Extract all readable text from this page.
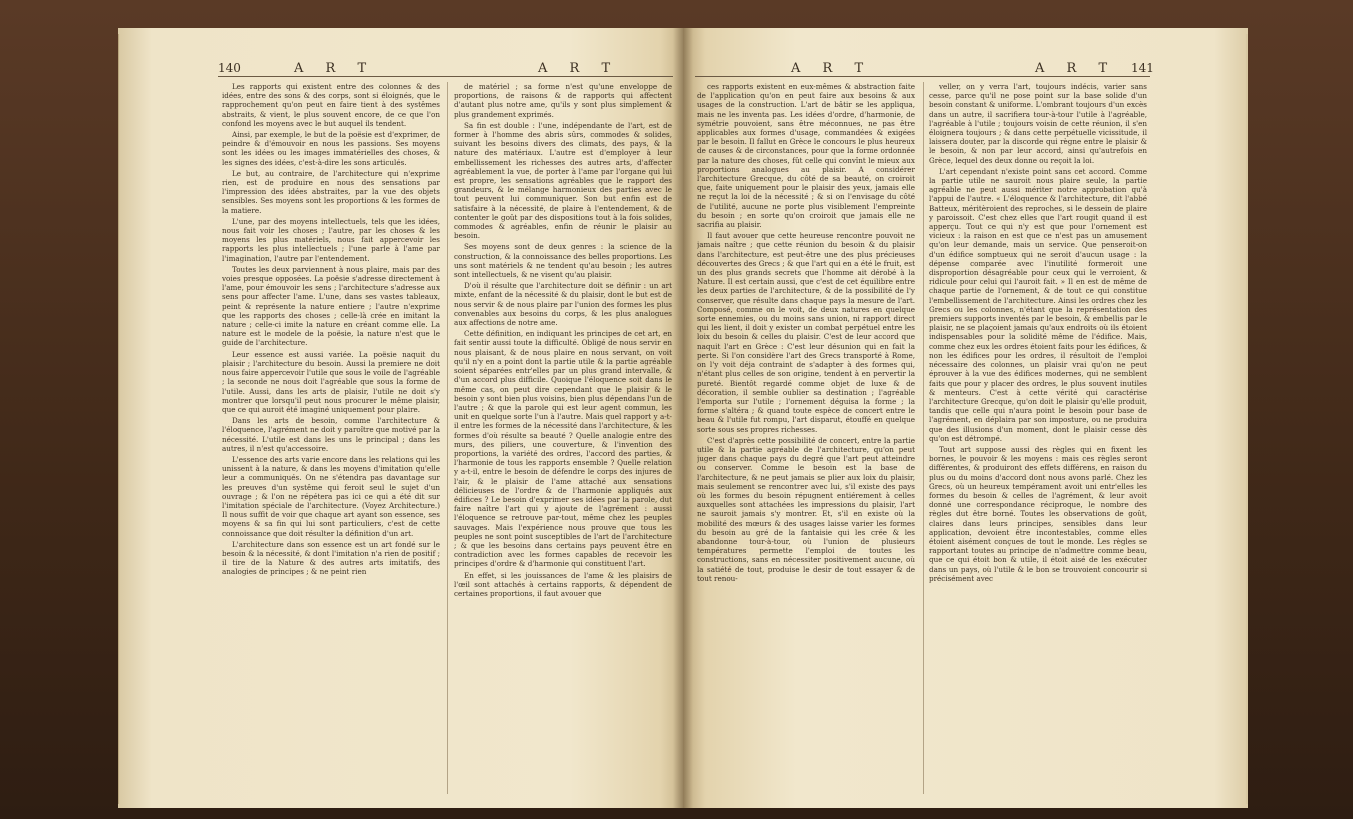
140	A R T	A R T

Les rapports qui existent entre des colonnes & des idées, entre des sons & des corps, sont si éloignés, que le rapprochement qu'on peut en faire tient à des systêmes abstraits, & vient, le plus souvent encore, de ce que l'on confond les moyens avec le but auquel ils tendent.

Ainsi, par exemple, le but de la poësie est d'exprimer, de peindre & d'émouvoir en nous les passions. Ses moyens sont les idées ou les images immatérielles des choses, & les signes des idées, c'est-à-dire les sons articulés.

Le but, au contraire, de l'architecture qui n'exprime rien, est de produire en nous des sensations par l'impression des idées abstraites, par la vue des objets sensibles. Ses moyens sont les proportions & les formes de la matiere.

L'une, par des moyens intellectuels, tels que les idées, nous fait voir les choses ; l'autre, par les choses & les moyens les plus matériels, nous fait appercevoir les rapports les plus intellectuels ; l'une parle à l'ame par l'imagination, l'autre par l'entendement.

Toutes les deux parviennent à nous plaire, mais par des voies presque opposées. La poësie s'adresse directement à l'ame, pour émouvoir les sens ; l'architecture s'adresse aux sens pour affecter l'ame. L'une, dans ses vastes tableaux, peint & représente la nature entiere ; l'autre n'exprime que les rapports des choses ; celle-là crée en imitant la nature ; celle-ci imite la nature en créant comme elle. La nature est le modele de la poësie, la nature n'est que le guide de l'architecture.

Leur essence est aussi variée. La poësie naquit du plaisir ; l'architecture du besoin. Aussi la premiere ne doit nous faire appercevoir l'utile que sous le voile de l'agréable ; la seconde ne nous doit l'agréable que sous la forme de l'utile. Aussi, dans les arts de plaisir, l'utile ne doit s'y montrer que lorsqu'il peut nous procurer le même plaisir, que ce qui auroit été imaginé uniquement pour plaire.

Dans les arts de besoin, comme l'architecture & l'éloquence, l'agrément ne doit y paroître que motivé par la nécessité. L'utile est dans les uns le principal ; dans les autres, il n'est qu'accessoire.

L'essence des arts varie encore dans les relations qui les unissent à la nature, & dans les moyens d'imitation qu'elle leur a communiqués. On ne s'étendra pas davantage sur les preuves d'un systême qui feroit seul le sujet d'un ouvrage ; & l'on ne répétera pas ici ce qui a été dit sur l'imitation spéciale de l'architecture. (Voyez Architecture.) Il nous suffit de voir que chaque art ayant son essence, ses moyens & sa fin qui lui sont particuliers, c'est de cette connoissance que doit résulter la définition d'un art.

L'architecture dans son essence est un art fondé sur le besoin & la nécessité, & dont l'imitation n'a rien de positif ; il tire de la Nature & des autres arts imitatifs, des analogies de principes ; & ne peint rien

de matériel ; sa forme n'est qu'une enveloppe de proportions, de raisons & de rapports qui affectent d'autant plus notre ame, qu'ils y sont plus simplement & plus grandement exprimés.

Sa fin est double : l'une, indépendante de l'art, est de former à l'homme des abris sûrs, commodes & solides, suivant les besoins divers des climats, des pays, & la nature des matériaux. L'autre est d'employer à leur embellissement les richesses des autres arts, d'affecter agréablement la vue, de porter à l'ame par l'organe qui lui est propre, les sensations agréables que le rapport des grandeurs, & le mélange harmonieux des parties avec le tout peuvent lui communiquer. Son but enfin est de satisfaire à la nécessité, de plaire à l'entendement, & de contenter le goût par des dispositions tout à la fois solides, commodes & agréables, enfin de réunir le plaisir au besoin.

Ses moyens sont de deux genres : la science de la construction, & la connoissance des belles proportions. Les uns sont matériels & ne tendent qu'au besoin ; les autres sont intellectuels, & ne visent qu'au plaisir.

D'où il résulte que l'architecture doit se définir : un art mixte, enfant de la nécessité & du plaisir, dont le but est de nous servir & de nous plaire par l'union des formes les plus convenables aux besoins du corps, & les plus analogues aux affections de notre ame.

Cette définition, en indiquant les principes de cet art, en fait sentir aussi toute la difficulté. Obligé de nous servir en nous plaisant, & de nous plaire en nous servant, on voit qu'il n'y en a point dont la partie utile & la partie agréable soient séparées entr'elles par un plus grand intervalle, & d'un accord plus difficile. Quoique l'éloquence soit dans le même cas, on peut dire cependant que le plaisir & le besoin y sont bien plus voisins, bien plus dépendans l'un de l'autre ; & que la parole qui est leur agent commun, les unit en quelque sorte l'un à l'autre. Mais quel rapport y a-t-il entre les formes de la nécessité dans l'architecture, & les formes d'où résulte sa beauté ? Quelle analogie entre des murs, des piliers, une couverture, & l'invention des proportions, la variété des ordres, l'accord des parties, & l'harmonie de tous les rapports ensemble ? Quelle relation y a-t-il, entre le besoin de défendre le corps des injures de l'air, & le plaisir de l'ame attaché aux sensations délicieuses de l'ordre & de l'harmonie appliqués aux édifices ? Le besoin d'exprimer ses idées par la parole, dut faire naître l'art qui y ajoute de l'agrément : aussi l'éloquence se retrouve par-tout, même chez les peuples sauvages. Mais l'expérience nous prouve que tous les peuples ne sont point susceptibles de l'art de l'architecture ; & que les besoins dans certains pays peuvent être en contradiction avec les formes capables de recevoir les principes d'ordre & d'harmonie qui constituent l'art.

En effet, si les jouissances de l'ame & les plaisirs de l'œil sont attachés à certains rapports, & dépendent de certaines proportions, il faut avouer que

A R T	A R T 141

ces rapports existent en eux-mêmes & abstraction faite de l'application qu'on en peut faire aux besoins & aux usages de la construction. L'art de bâtir se les appliqua, mais ne les inventa pas. Les idées d'ordre, d'harmonie, de symétrie pouvoient, sans être méconnues, ne pas être applicables aux formes d'usage, commandées & exigées par le besoin. Il fallut en Grèce le concours le plus heureux de causes & de circonstances, pour que la forme ordonnée par la nature des choses, fût celle qui convînt le mieux aux proportions analogues au plaisir. A considérer l'architecture Grecque, du côté de sa beauté, on croiroit que, faite uniquement pour le plaisir des yeux, jamais elle ne reçut la loi de la nécessité ; & si on l'envisage du côté de l'utilité, aucune ne porte plus visiblement l'empreinte du besoin ; en sorte qu'on croiroit que jamais elle ne sacrifia au plaisir.

Il faut avouer que cette heureuse rencontre pouvoit ne jamais naître ; que cette réunion du besoin & du plaisir dans l'architecture, est peut-être une des plus précieuses découvertes des Grecs ; & que l'art qui en a été le fruit, est un des plus grands secrets que l'homme ait dérobé à la Nature. Il est certain aussi, que c'est de cet équilibre entre les deux parties de l'architecture, & de la possibilité de l'y conserver, que résulte dans chaque pays la mesure de l'art. Composé, comme on le voit, de deux natures en quelque sorte ennemies, ou du moins sans union, ni rapport direct qui les lient, il doit y exister un combat perpétuel entre les loix du besoin & celles du plaisir. C'est de leur accord que naquit l'art en Grèce : C'est leur désunion qui en fait la perte. Si l'on considère l'art des Grecs transporté à Rome, on l'y voit déja contraint de s'adapter à des formes qui, n'étant plus celles de son origine, tendent à en pervertir la pureté. Bientôt regardé comme objet de luxe & de décoration, il semble oublier sa destination ; l'agréable l'emporta sur l'utile ; l'ornement déguisa la forme ; la forme s'altéra ; & quand toute espèce de concert entre le beau & l'utile fut rompu, l'art disparut, étouffé en quelque sorte sous ses propres richesses.

C'est d'après cette possibilité de concert, entre la partie utile & la partie agréable de l'architecture, qu'on peut juger dans chaque pays du degré que l'art peut atteindre ou conserver. Comme le besoin est la base de l'architecture, & ne peut jamais se plier aux loix du plaisir, mais seulement se rencontrer avec lui, s'il existe des pays où les formes du besoin répugnent entiérement à celles auxquelles sont attachées les impressions du plaisir, l'art ne sauroit jamais s'y montrer. Et, s'il en existe où la mobilité des mœurs & des usages laisse varier les formes du besoin au gré de la fantaisie qui les crée & les abandonne tour-à-tour, où l'union de plusieurs températures permette l'emploi de toutes les constructions, sans en nécessiter positivement aucune, où la satiété de tout, produise le desir de tout essayer & de tout renou-

veller, on y verra l'art, toujours indécis, varier sans cesse, parce qu'il ne pose point sur la base solide d'un besoin constant & uniforme. L'ombrant toujours d'un excès dans un autre, il sacrifiera tour-à-tour l'utile à l'agréable, l'agréable à l'utile ; toujours voisin de cette réunion, il s'en éloignera toujours ; & dans cette perpétuelle vicissitude, il laissera douter, par la discorde qui règne entre le plaisir & le besoin, & non par leur accord, ainsi qu'autrefois en Grèce, lequel des deux donne ou reçoit la loi.

L'art cependant n'existe point sans cet accord. Comme la partie utile ne sauroit nous plaire seule, la partie agréable ne peut aussi mériter notre approbation qu'à l'appui de l'autre. « L'éloquence & l'architecture, dit l'abbé Batteux, méritèroient des reproches, si le dessein de plaire y paroissoit. C'est chez elles que l'art rougit quand il est apperçu. Tout ce qui n'y est que pour l'ornement est vicieux : la raison en est que ce n'est pas un amusement qu'on leur demande, mais un service. Que penseroit-on d'un édifice somptueux qui ne seroit d'aucun usage : la dépense comparée avec l'inutilité formeroit une disproportion désagréable pour ceux qui le verroient, & ridicule pour celui qui l'auroit fait. » Il en est de même de chaque partie de l'ornement, & de tout ce qui constitue l'embellissement de l'architecture. Ainsi les ordres chez les Grecs ou les colonnes, n'étant que la représentation des premiers supports inventés par le besoin, & embellis par le plaisir, ne se plaçoient jamais qu'aux endroits où ils étoient indispensables pour la solidité même de l'édifice. Mais, comme chez eux les ordres étoient faits pour les édifices, & non les édifices pour les ordres, il résultoit de l'emploi nécessaire des colonnes, un plaisir vrai qu'on ne peut éprouver à la vue des édifices modernes, qui ne semblent faits que pour y placer des ordres, le plus souvent inutiles & menteurs. C'est à cette vérité qui caractérise l'architecture Grecque, qu'on doit le plaisir qu'elle produit, tandis que celle qui n'aura point le besoin pour base de l'agrément, en déplaira par son imposture, ou ne produira que des illusions d'un moment, dont le plaisir cesse dès qu'on est détrompé.

Tout art suppose aussi des règles qui en fixent les bornes, le pouvoir & les moyens : mais ces règles seront différentes, & produiront des effets différens, en raison du plus ou du moins d'accord dont nous avons parlé. Chez les Grecs, où un heureux tempérament avoit uni entr'elles les formes du besoin & celles de l'agrément, & leur avoit donné une correspondance réciproque, le nombre des règles dut être borné. Toutes les observations de goût, claires dans leurs principes, sensibles dans leur application, devoient être incontestables, comme elles étoient aisément conçues de tout le monde. Les règles se rapportant toutes au principe de n'admettre comme beau, que ce qui étoit bon & utile, il étoit aisé de les exécuter dans un pays, où l'utile & le bon se trouvoient concourir si précisément avec
